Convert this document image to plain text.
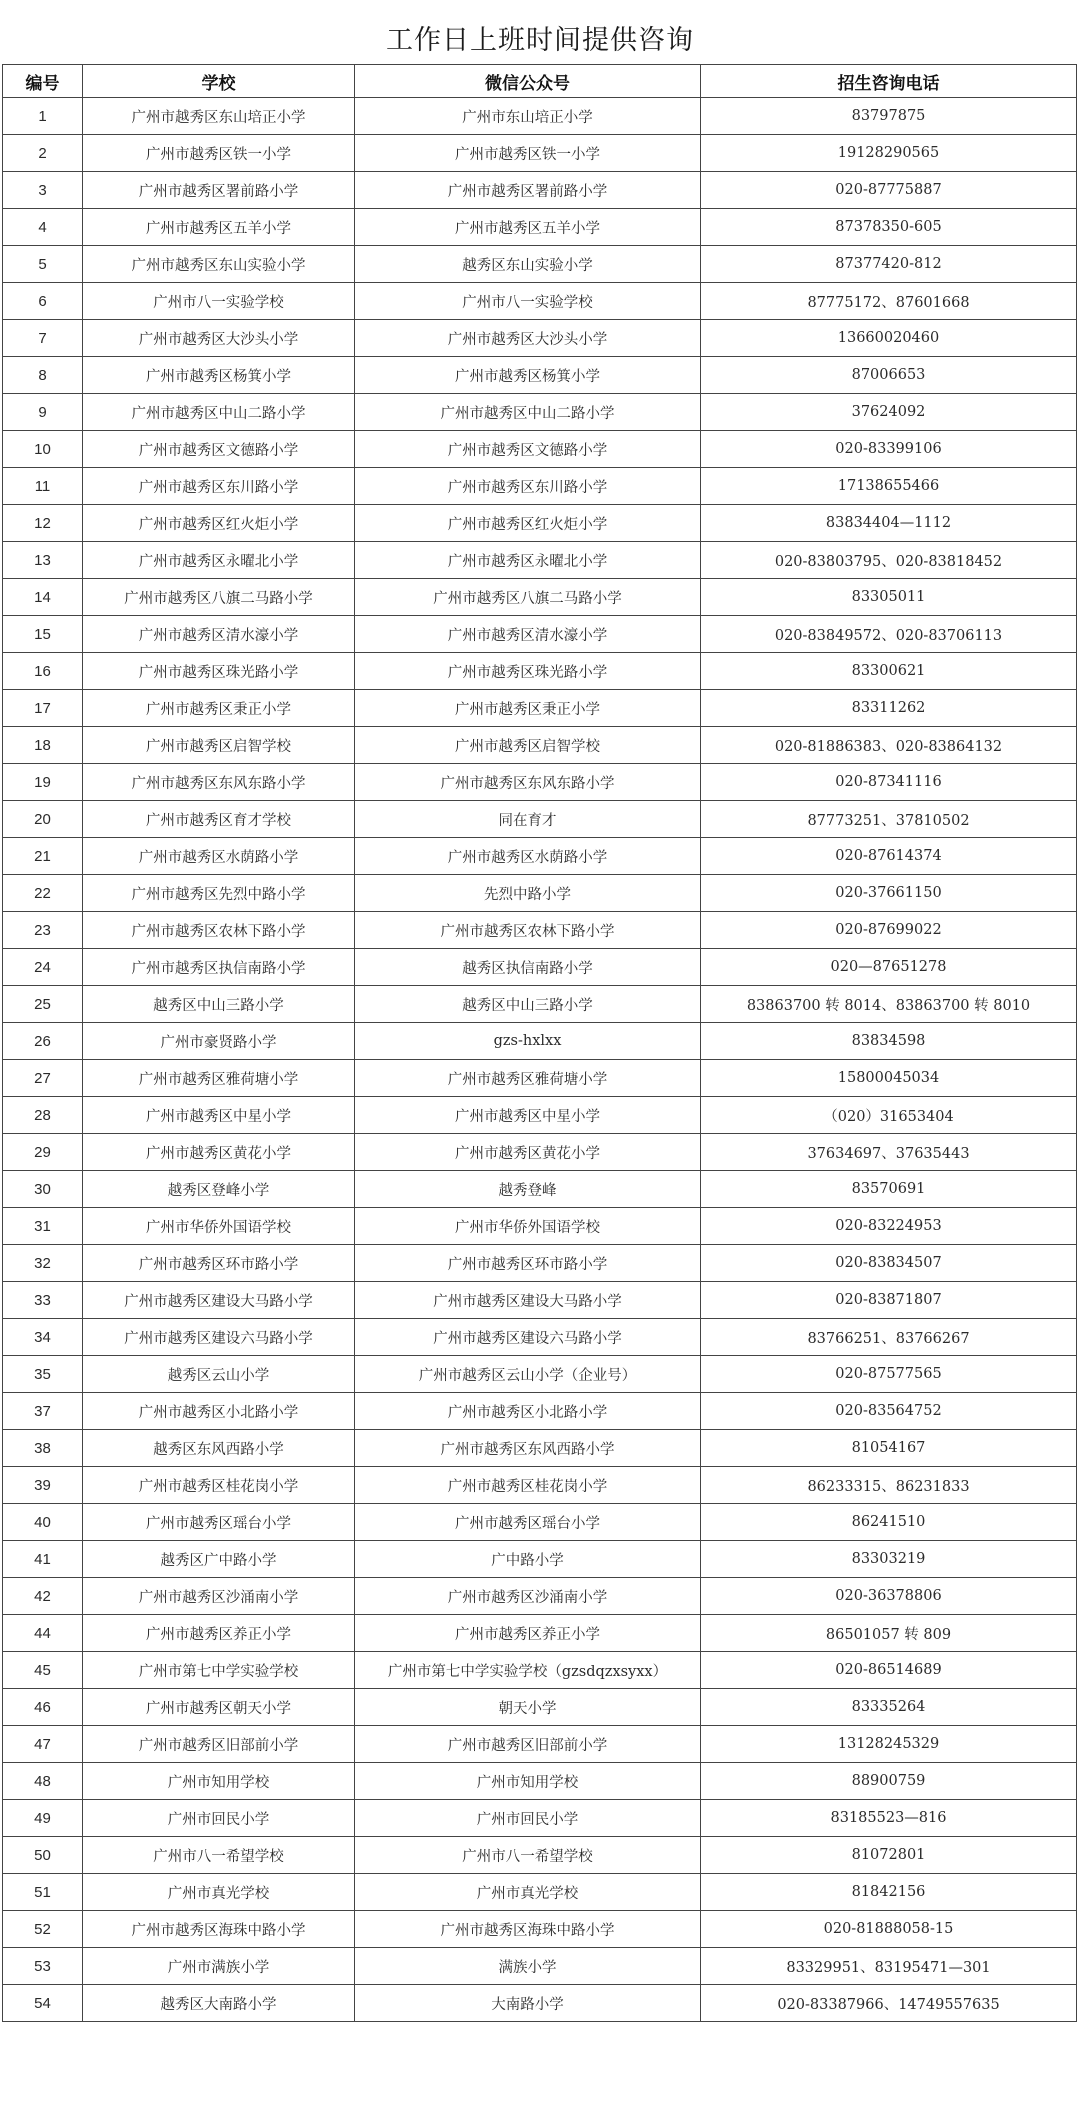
工作日上班时间提供咨询
编号	学校	微信公众号	招生咨询电话
1	广州市越秀区东山培正小学	广州市东山培正小学	83797875
2	广州市越秀区铁一小学	广州市越秀区铁一小学	19128290565
3	广州市越秀区署前路小学	广州市越秀区署前路小学	020-87775887
4	广州市越秀区五羊小学	广州市越秀区五羊小学	87378350-605
5	广州市越秀区东山实验小学	越秀区东山实验小学	87377420-812
6	广州市八一实验学校	广州市八一实验学校	87775172、87601668
7	广州市越秀区大沙头小学	广州市越秀区大沙头小学	13660020460
8	广州市越秀区杨箕小学	广州市越秀区杨箕小学	87006653
9	广州市越秀区中山二路小学	广州市越秀区中山二路小学	37624092
10	广州市越秀区文德路小学	广州市越秀区文德路小学	020-83399106
11	广州市越秀区东川路小学	广州市越秀区东川路小学	17138655466
12	广州市越秀区红火炬小学	广州市越秀区红火炬小学	83834404—1112
13	广州市越秀区永曜北小学	广州市越秀区永曜北小学	020-83803795、020-83818452
14	广州市越秀区八旗二马路小学	广州市越秀区八旗二马路小学	83305011
15	广州市越秀区清水濠小学	广州市越秀区清水濠小学	020-83849572、020-83706113
16	广州市越秀区珠光路小学	广州市越秀区珠光路小学	83300621
17	广州市越秀区秉正小学	广州市越秀区秉正小学	83311262
18	广州市越秀区启智学校	广州市越秀区启智学校	020-81886383、020-83864132
19	广州市越秀区东风东路小学	广州市越秀区东风东路小学	020-87341116
20	广州市越秀区育才学校	同在育才	87773251、37810502
21	广州市越秀区水荫路小学	广州市越秀区水荫路小学	020-87614374
22	广州市越秀区先烈中路小学	先烈中路小学	020-37661150
23	广州市越秀区农林下路小学	广州市越秀区农林下路小学	020-87699022
24	广州市越秀区执信南路小学	越秀区执信南路小学	020—87651278
25	越秀区中山三路小学	越秀区中山三路小学	83863700 转 8014、83863700 转 8010
26	广州市豪贤路小学	gzs-hxlxx	83834598
27	广州市越秀区雅荷塘小学	广州市越秀区雅荷塘小学	15800045034
28	广州市越秀区中星小学	广州市越秀区中星小学	（020）31653404
29	广州市越秀区黄花小学	广州市越秀区黄花小学	37634697、37635443
30	越秀区登峰小学	越秀登峰	83570691
31	广州市华侨外国语学校	广州市华侨外国语学校	020-83224953
32	广州市越秀区环市路小学	广州市越秀区环市路小学	020-83834507
33	广州市越秀区建设大马路小学	广州市越秀区建设大马路小学	020-83871807
34	广州市越秀区建设六马路小学	广州市越秀区建设六马路小学	83766251、83766267
35	越秀区云山小学	广州市越秀区云山小学（企业号）	020-87577565
37	广州市越秀区小北路小学	广州市越秀区小北路小学	020-83564752
38	越秀区东风西路小学	广州市越秀区东风西路小学	81054167
39	广州市越秀区桂花岗小学	广州市越秀区桂花岗小学	86233315、86231833
40	广州市越秀区瑶台小学	广州市越秀区瑶台小学	86241510
41	越秀区广中路小学	广中路小学	83303219
42	广州市越秀区沙涌南小学	广州市越秀区沙涌南小学	020-36378806
44	广州市越秀区养正小学	广州市越秀区养正小学	86501057 转 809
45	广州市第七中学实验学校	广州市第七中学实验学校（gzsdqzxsyxx）	020-86514689
46	广州市越秀区朝天小学	朝天小学	83335264
47	广州市越秀区旧部前小学	广州市越秀区旧部前小学	13128245329
48	广州市知用学校	广州市知用学校	88900759
49	广州市回民小学	广州市回民小学	83185523—816
50	广州市八一希望学校	广州市八一希望学校	81072801
51	广州市真光学校	广州市真光学校	81842156
52	广州市越秀区海珠中路小学	广州市越秀区海珠中路小学	020-81888058-15
53	广州市满族小学	满族小学	83329951、83195471—301
54	越秀区大南路小学	大南路小学	020-83387966、14749557635
